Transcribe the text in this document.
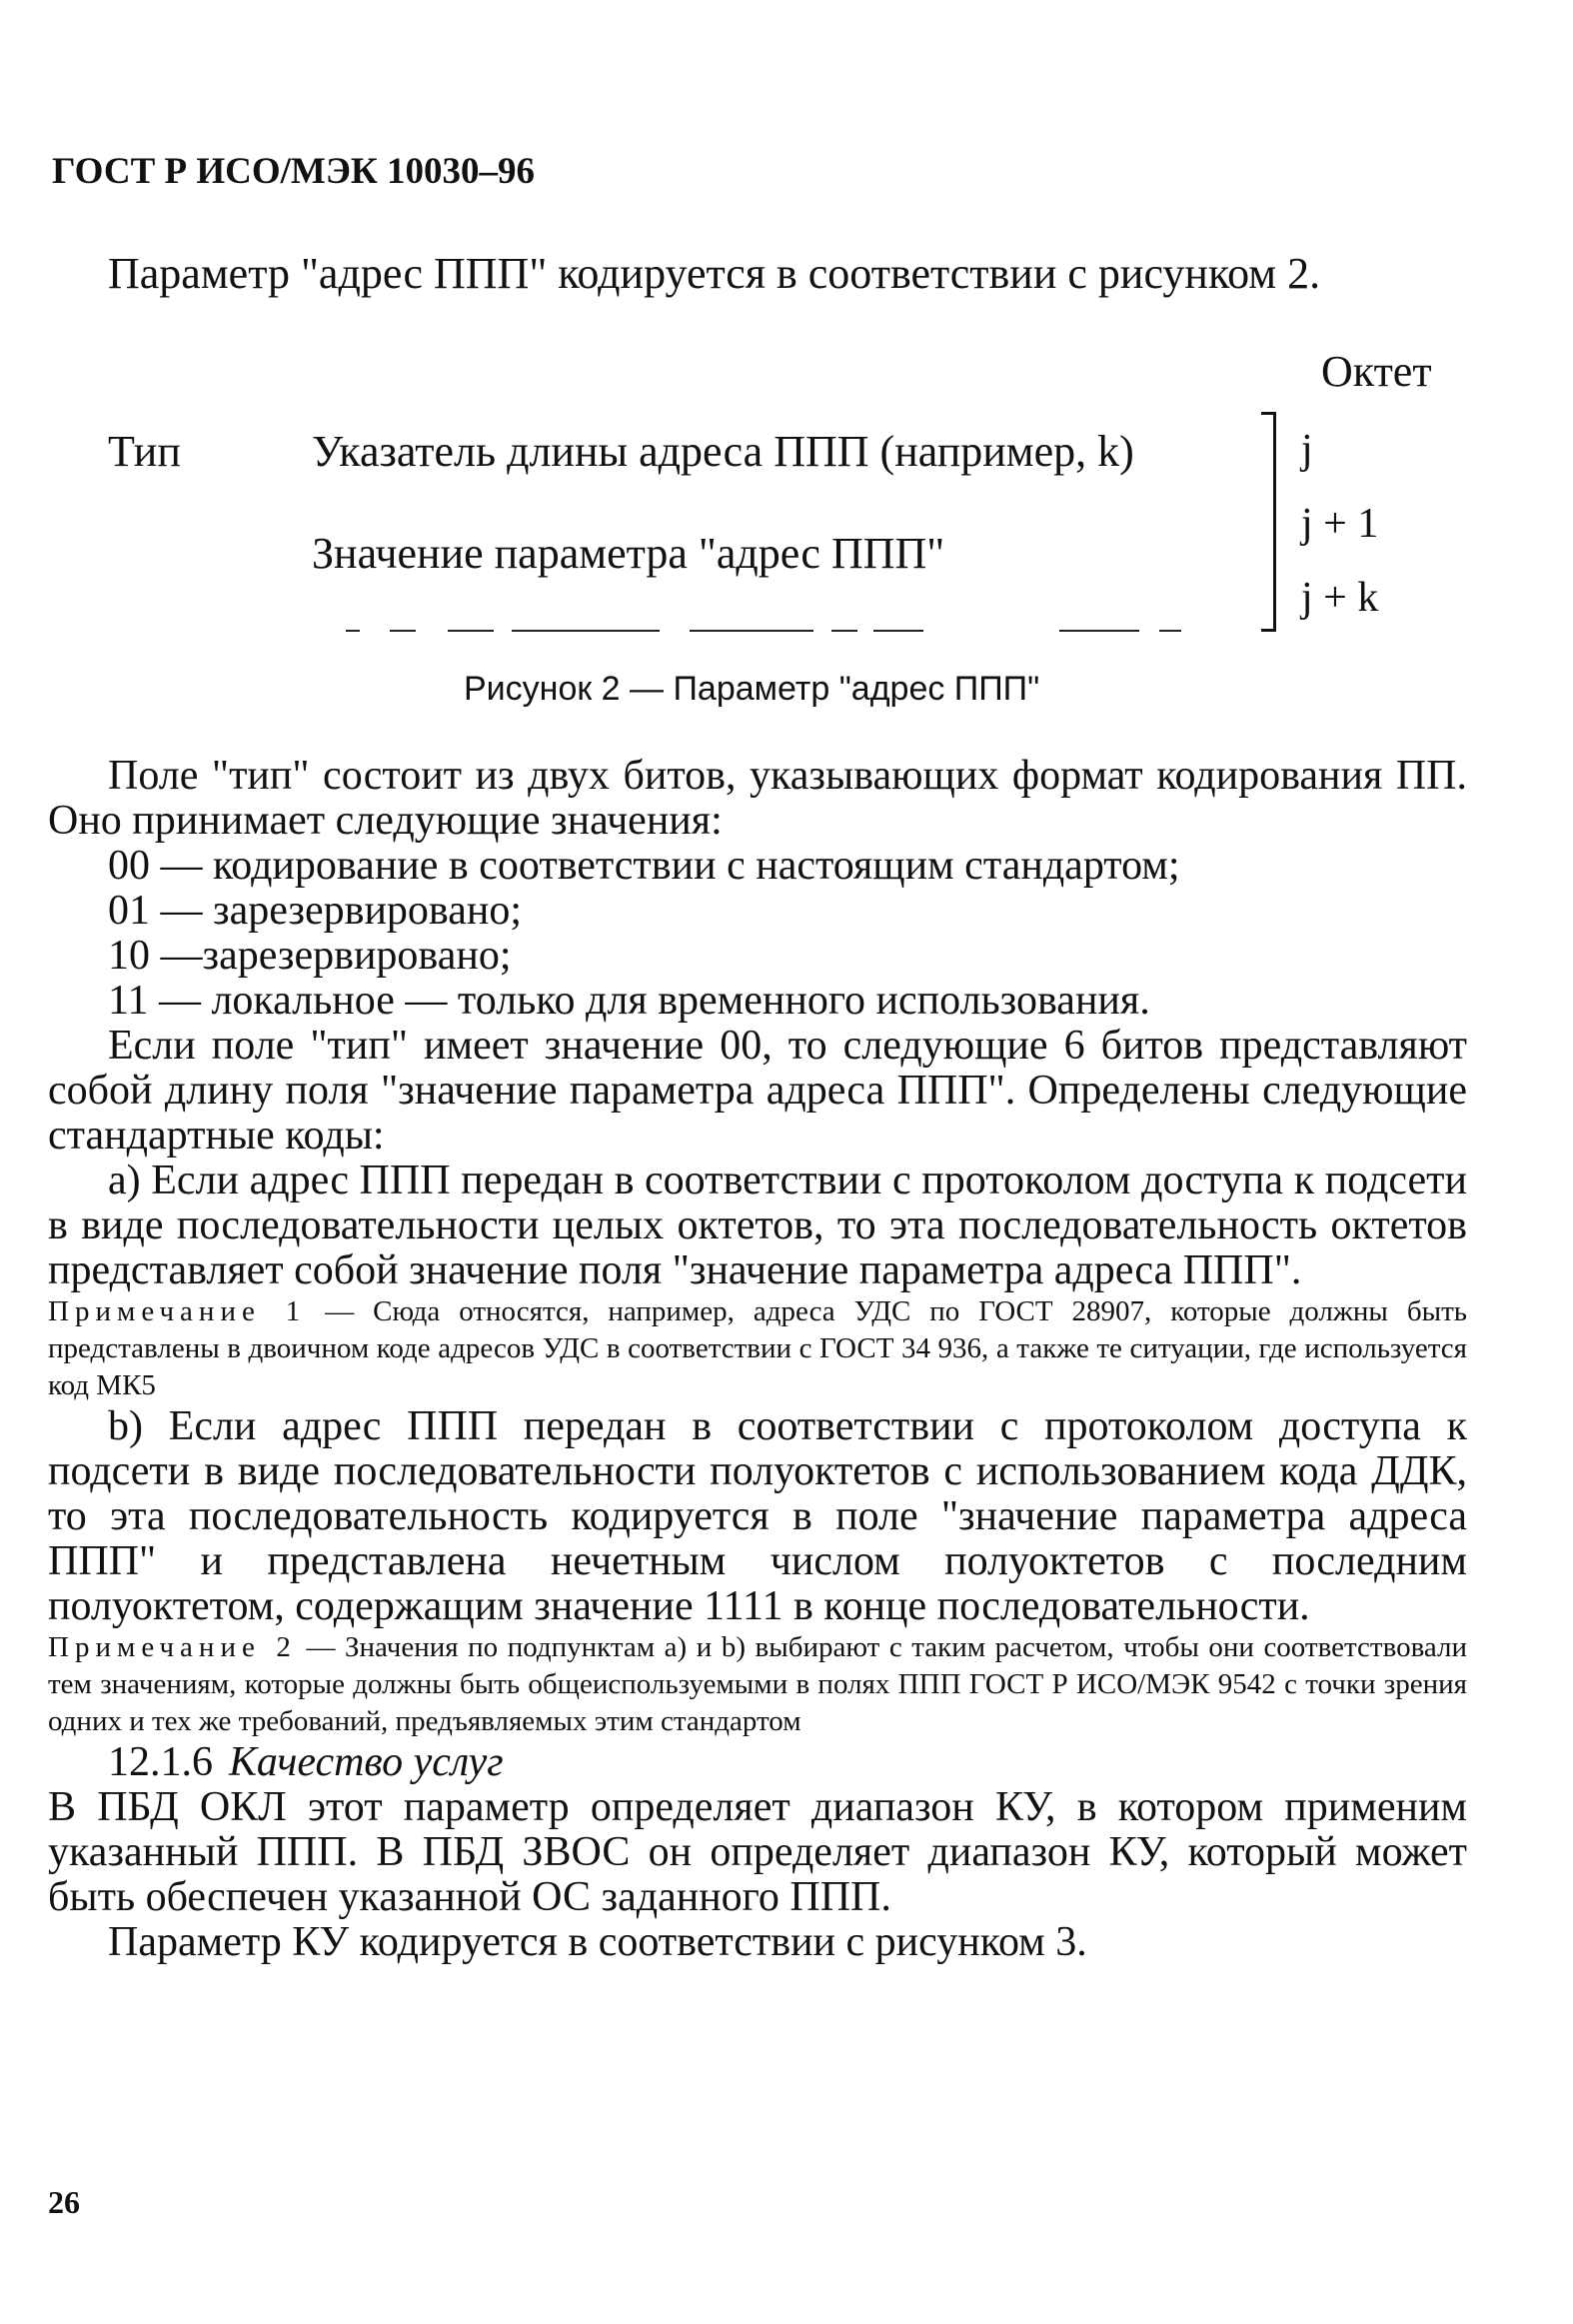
ГОСТ Р ИСО/МЭК 10030–96
Параметр "адрес ППП" кодируется в соответствии с рисунком 2.
Октет
Тип	Указатель длины адреса ППП (например, k)
Значение параметра "адрес ППП"
j
j + 1
j + k
Рисунок 2 — Параметр "адрес ППП"

Поле "тип" состоит из двух битов, указывающих формат кодирования ПП. Оно принимает следующие значения:

00 — кодирование в соответствии с настоящим стандартом;

01 — зарезервировано;

10 —зарезервировано;

11 — локальное — только для временного использования.

Если поле "тип" имеет значение 00, то следующие 6 битов представляют собой длину поля "значение параметра адреса ППП". Определены следующие стандартные коды:

а) Если адрес ППП передан в соответствии с протоколом доступа к подсети в виде последовательности целых октетов, то эта последовательность октетов представляет собой значение поля "значение параметра адреса ППП".

Примечание 1 — Сюда относятся, например, адреса УДС по ГОСТ 28907, которые должны быть представлены в двоичном коде адресов УДС в соответствии с ГОСТ 34 936, а также те ситуации, где используется код МК5

b) Если адрес ППП передан в соответствии с протоколом доступа к подсети в виде последовательности полуоктетов с использованием кода ДДК, то эта последовательность кодируется в поле "значение параметра адреса ППП" и представлена нечетным числом полуоктетов с последним полуоктетом, содержащим значение 1111 в конце последовательности.

Примечание 2 — Значения по подпунктам а) и b) выбирают с таким расчетом, чтобы они соответствовали тем значениям, которые должны быть общеиспользуемыми в полях ППП ГОСТ Р ИСО/МЭК 9542 с точки зрения одних и тех же требований, предъявляемых этим стандартом

12.1.6 Качество услуг

В ПБД ОКЛ этот параметр определяет диапазон КУ, в котором применим указанный ППП. В ПБД ЗВОС он определяет диапазон КУ, который может быть обеспечен указанной ОС заданного ППП.

Параметр КУ кодируется в соответствии с рисунком 3.

26
